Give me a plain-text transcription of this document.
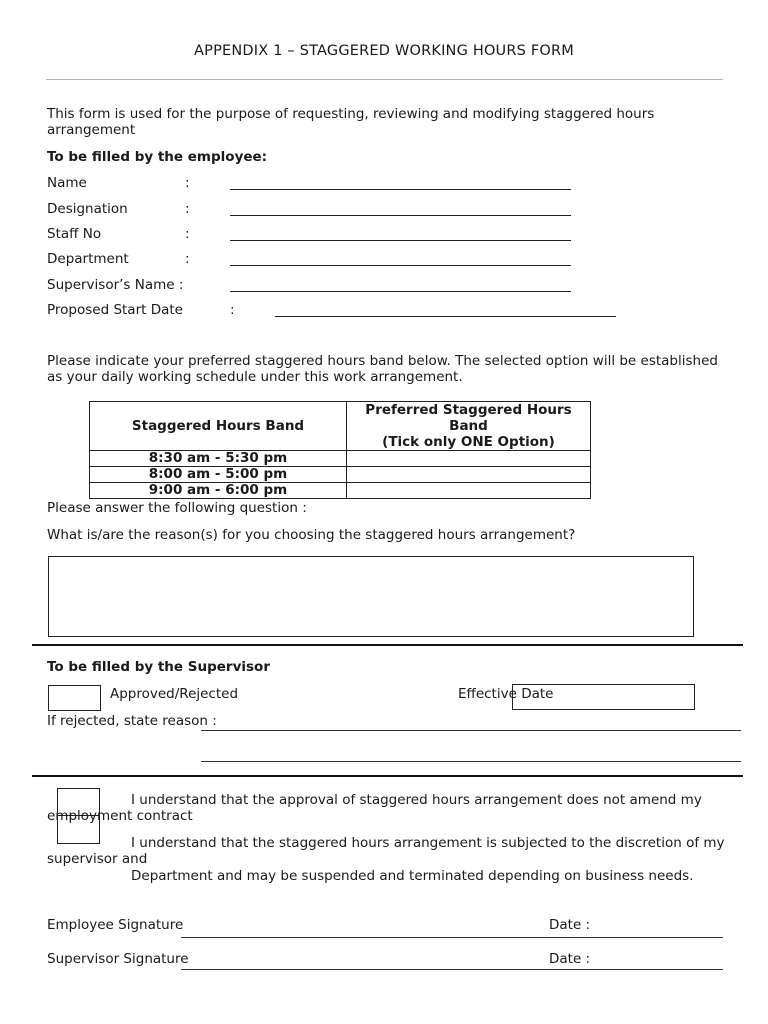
APPENDIX 1 – STAGGERED WORKING HOURS FORM
This form is used for the purpose of requesting, reviewing and modifying staggered hours arrangement
To be filled by the employee:
Name	:
Designation	:
Staff No	:
Department	:
Supervisor’s Name :
Proposed Start Date	:
Please indicate your preferred staggered hours band below. The selected option will be established as your daily working schedule under this work arrangement.
Staggered Hours Band	Preferred Staggered Hours
Band
(Tick only ONE Option)
8:30 am - 5:30 pm	
8:00 am - 5:00 pm	
9:00 am - 6:00 pm	
Please answer the following question :
What is/are the reason(s) for you choosing the staggered hours arrangement?
To be filled by the Supervisor
Approved/Rejected	Effective Date
If rejected, state reason :
I understand that the approval of staggered hours arrangement does not amend my employment contract
I understand that the staggered hours arrangement is subjected to the discretion of my supervisor and
Department and may be suspended and terminated depending on business needs.
Employee Signature	Date :
Supervisor Signature	Date :
